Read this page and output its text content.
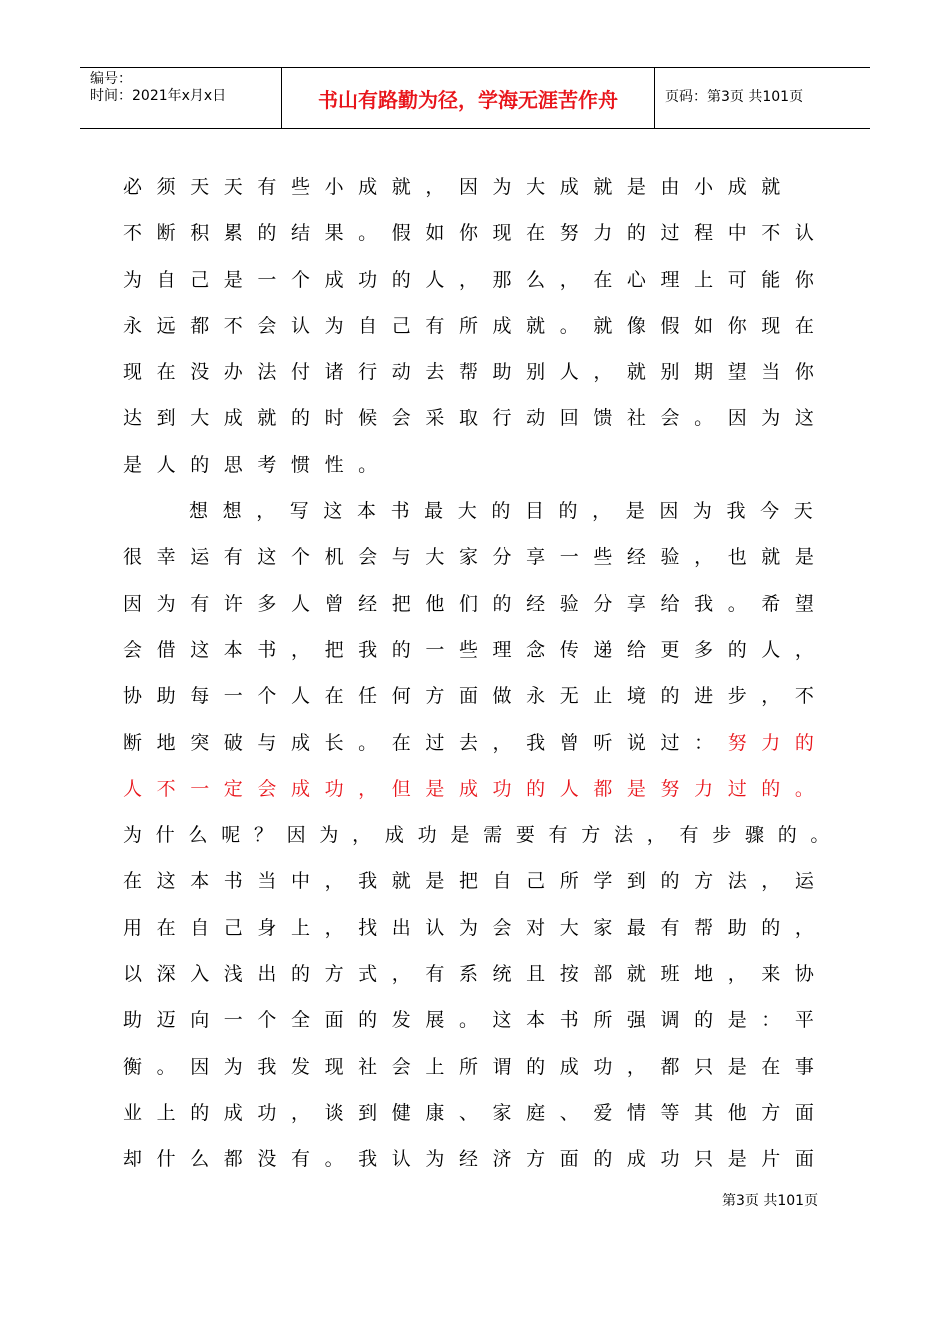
编号：
时间：2021年x月x日	书山有路勤为径，学海无涯苦作舟	页码：第3页 共101页
必 须 天 天 有 些 小 成 就 ， 因 为 大 成 就 是 由 小 成 就
不 断 积 累 的 结 果 。 假 如 你 现 在 努 力 的 过 程 中 不 认
为 自 己 是 一 个 成 功 的 人 ， 那 么 ， 在 心 理 上 可 能 你
永 远 都 不 会 认 为 自 己 有 所 成 就 。 就 像 假 如 你 现 在
现 在 没 办 法 付 诸 行 动 去 帮 助 别 人 ， 就 别 期 望 当 你
达 到 大 成 就 的 时 候 会 采 取 行 动 回 馈 社 会 。 因 为 这
是 人 的 思 考 惯 性 。
想 想 ， 写 这 本 书 最 大 的 目 的 ， 是 因 为 我 今 天
很 幸 运 有 这 个 机 会 与 大 家 分 享 一 些 经 验 ， 也 就 是
因 为 有 许 多 人 曾 经 把 他 们 的 经 验 分 享 给 我 。 希 望
会 借 这 本 书 ， 把 我 的 一 些 理 念 传 递 给 更 多 的 人 ，
协 助 每 一 个 人 在 任 何 方 面 做 永 无 止 境 的 进 步 ， 不
断 地 突 破 与 成 长 。 在 过 去 ， 我 曾 听 说 过 ： 努 力 的
人 不 一 定 会 成 功 ， 但 是 成 功 的 人 都 是 努 力 过 的 。
为 什 么 呢 ？ 因 为 ， 成 功 是 需 要 有 方 法 ， 有 步 骤 的 。
在 这 本 书 当 中 ， 我 就 是 把 自 己 所 学 到 的 方 法 ， 运
用 在 自 己 身 上 ， 找 出 认 为 会 对 大 家 最 有 帮 助 的 ，
以 深 入 浅 出 的 方 式 ， 有 系 统 且 按 部 就 班 地 ， 来 协
助 迈 向 一 个 全 面 的 发 展 。 这 本 书 所 强 调 的 是 ： 平
衡 。 因 为 我 发 现 社 会 上 所 谓 的 成 功 ， 都 只 是 在 事
业 上 的 成 功 ， 谈 到 健 康 、 家 庭 、 爱 情 等 其 他 方 面
却 什 么 都 没 有 。 我 认 为 经 济 方 面 的 成 功 只 是 片 面
第3页 共101页
